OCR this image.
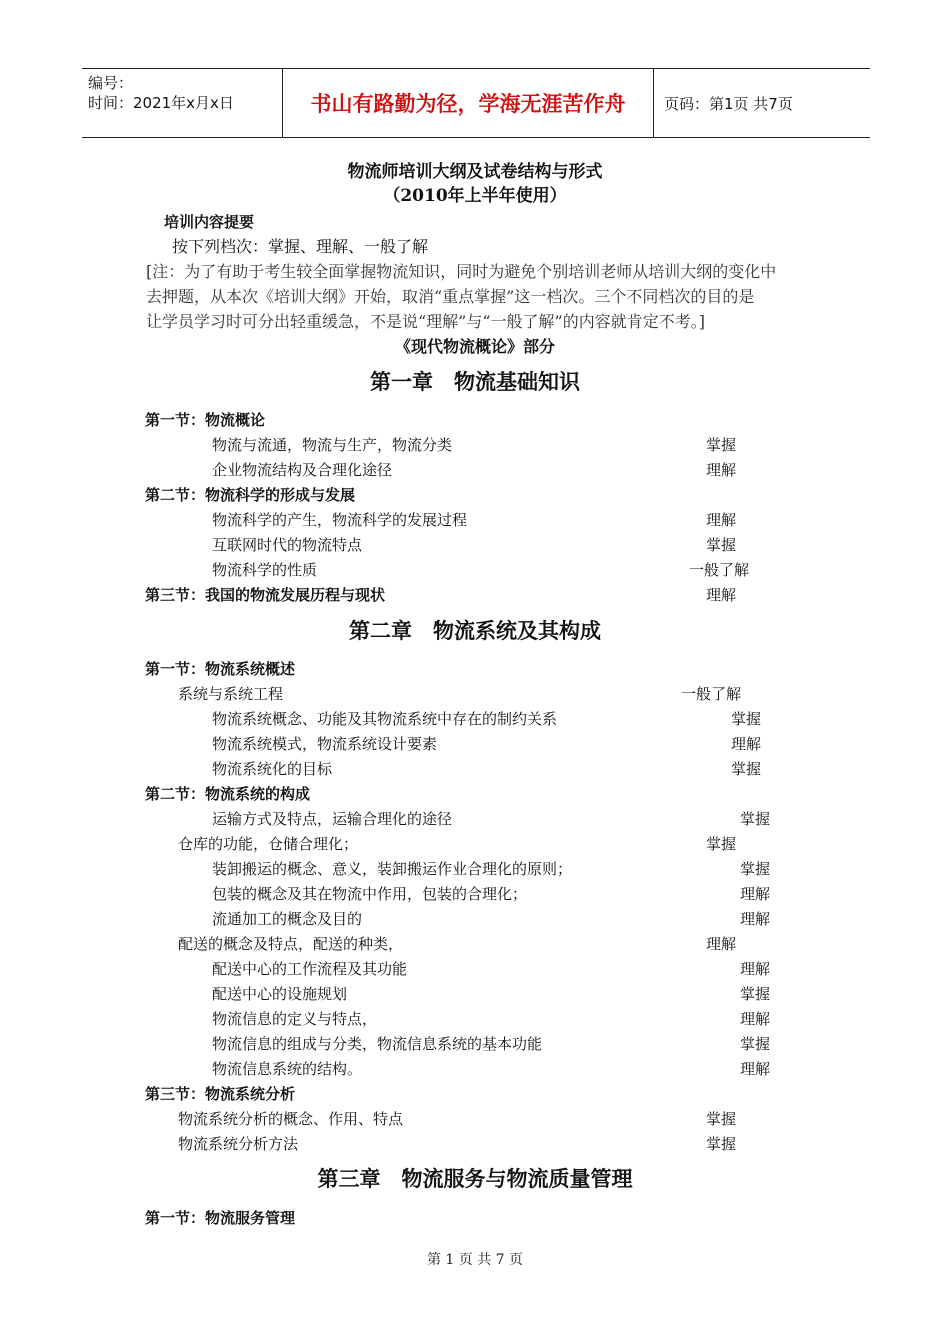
编号：
时间：2021年x月x日	书山有路勤为径，学海无涯苦作舟	页码：第1页 共7页
物流师培训大纲及试卷结构与形式
（2010年上半年使用）
培训内容提要
按下列档次：掌握、理解、一般了解
[注：为了有助于考生较全面掌握物流知识，同时为避免个别培训老师从培训大纲的变化中
去押题，从本次《培训大纲》开始，取消“重点掌握”这一档次。三个不同档次的目的是
让学员学习时可分出轻重缓急，不是说“理解”与“一般了解”的内容就肯定不考。]
《现代物流概论》部分
第一章　物流基础知识
第一节：物流概论
物流与流通，物流与生产，物流分类	掌握
企业物流结构及合理化途径	理解
第二节：物流科学的形成与发展
物流科学的产生，物流科学的发展过程	理解
互联网时代的物流特点	掌握
物流科学的性质	一般了解
第三节：我国的物流发展历程与现状	理解
第二章　物流系统及其构成
第一节：物流系统概述
系统与系统工程	一般了解
物流系统概念、功能及其物流系统中存在的制约关系	掌握
物流系统模式，物流系统设计要素	理解
物流系统化的目标	掌握
第二节：物流系统的构成
运输方式及特点，运输合理化的途径	掌握
仓库的功能，仓储合理化；	掌握
装卸搬运的概念、意义，装卸搬运作业合理化的原则；	掌握
包装的概念及其在物流中作用，包装的合理化；	理解
流通加工的概念及目的	理解
配送的概念及特点，配送的种类，	理解
配送中心的工作流程及其功能	理解
配送中心的设施规划	掌握
物流信息的定义与特点，	理解
物流信息的组成与分类，物流信息系统的基本功能	掌握
物流信息系统的结构。	理解
第三节：物流系统分析
物流系统分析的概念、作用、特点	掌握
物流系统分析方法	掌握
第三章　物流服务与物流质量管理
第一节：物流服务管理
第 1 页 共 7 页
